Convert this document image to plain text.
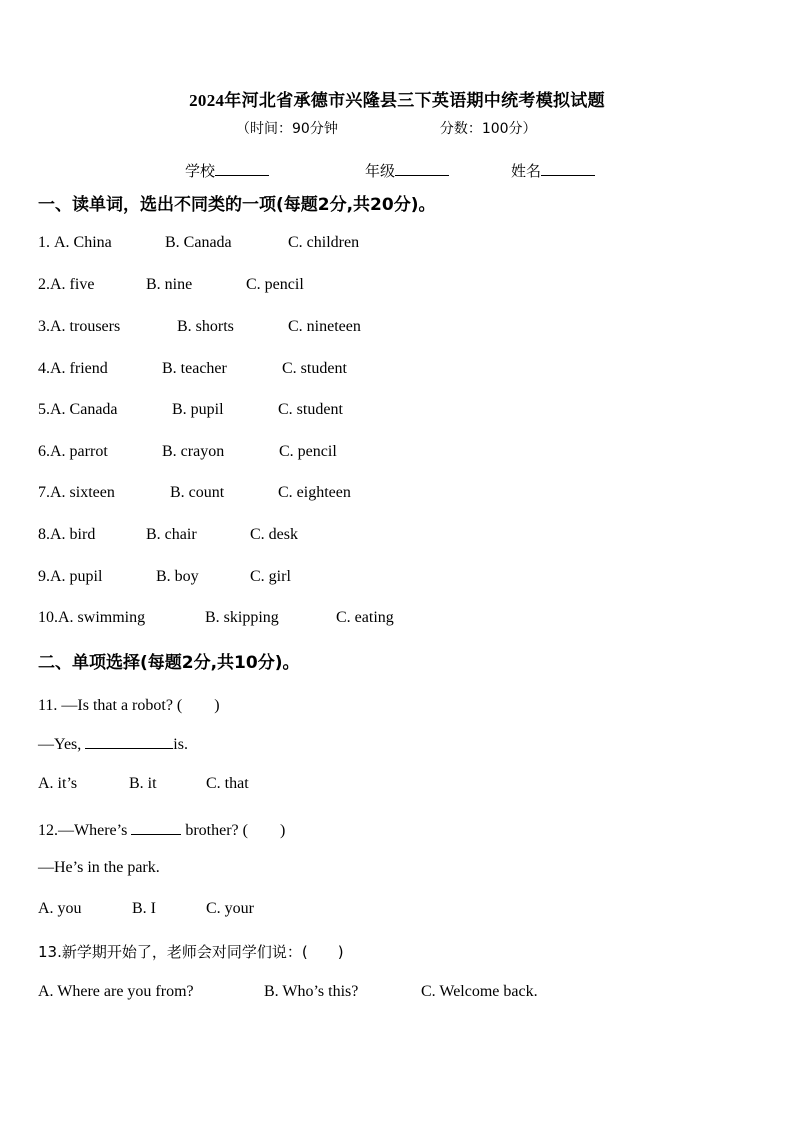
2024年河北省承德市兴隆县三下英语期中统考模拟试题
（时间：90分钟	分数：100分）
学校	年级	姓名
一、读单词，选出不同类的一项(每题2分,共20分)。
1. A. China	B. Canada	C. children
2.A. five	B. nine	C. pencil
3.A. trousers	B. shorts	C. nineteen
4.A. friend	B. teacher	C. student
5.A. Canada	B. pupil	C. student
6.A. parrot	B. crayon	C. pencil
7.A. sixteen	B. count	C. eighteen
8.A. bird	B. chair	C. desk
9.A. pupil	B. boy	C. girl
10.A. swimming	B. skipping	C. eating
二、单项选择(每题2分,共10分)。
11. —Is that a robot? (　　)
—Yes,	is.
A. it’s	B. it	C. that
12.—Where’s	brother? (　　)
—He’s in the park.
A. you	B. I	C. your
13.新学期开始了，老师会对同学们说：(　　)
A. Where are you from?	B. Who’s this?	C. Welcome back.
